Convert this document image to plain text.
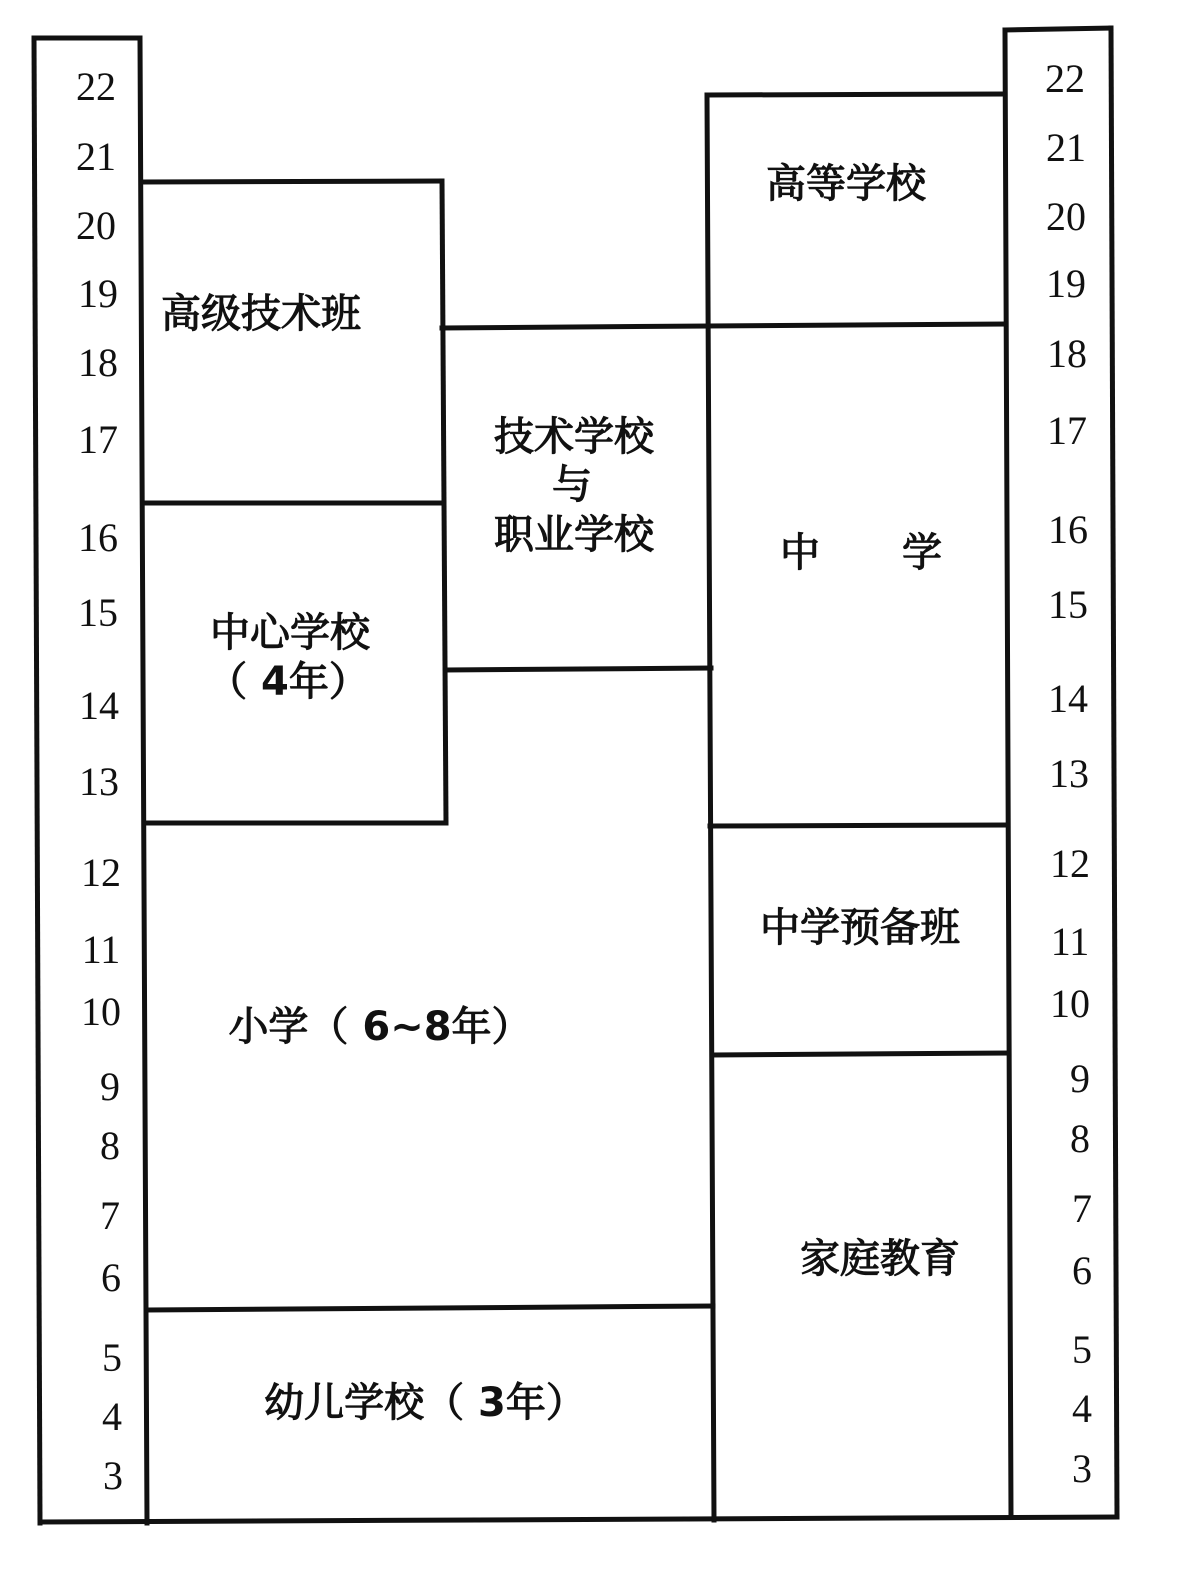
22
21
20
19
18
17
16
15
14
13
12
11
10
9
8
7
6
5
4
3
22
21
20
19
18
17
16
15
14
13
12
11
10
9
8
7
6
5
4
3
高级技术班
中心学校
（ 4年）
技术学校
与
职业学校
小学（ 6~8年）
幼儿学校（ 3年）
高等学校
中 学
中学预备班
家庭教育
